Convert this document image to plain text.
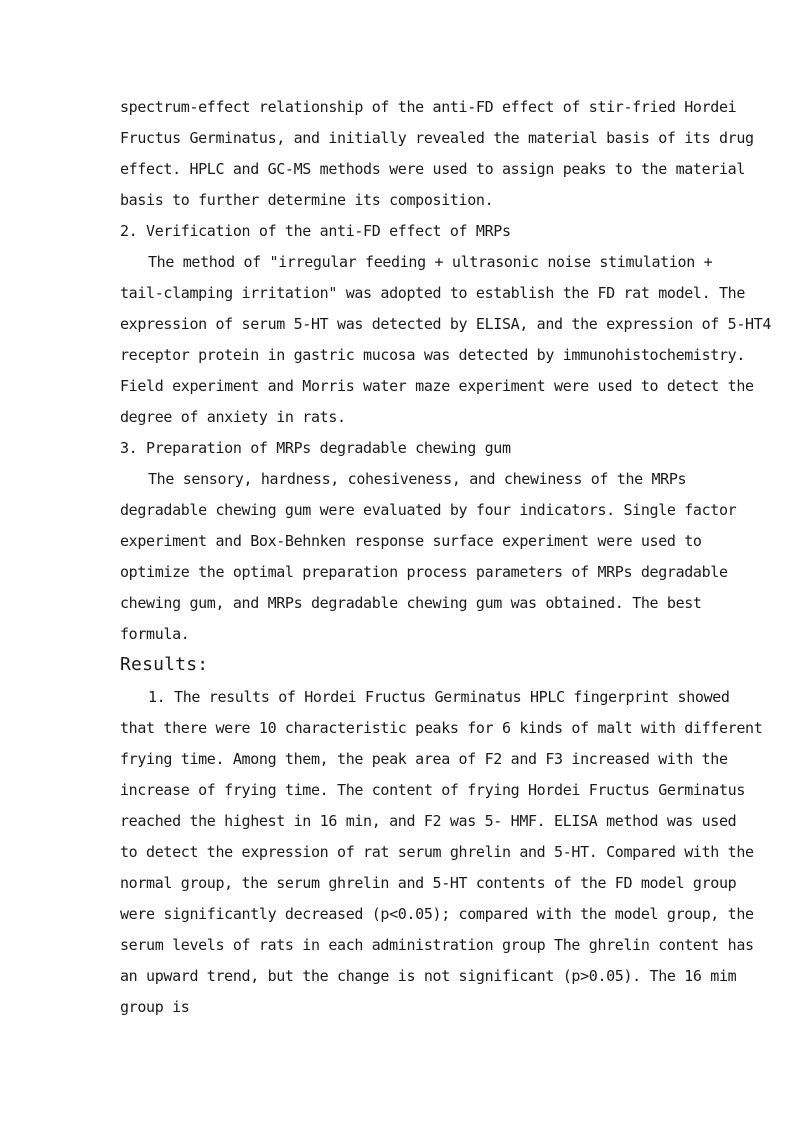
spectrum-effect relationship of the anti-FD effect of stir-fried Hordei
Fructus Germinatus, and initially revealed the material basis of its drug
effect. HPLC and GC-MS methods were used to assign peaks to the material
basis to further determine its composition.
2. Verification of the anti-FD effect of MRPs
The method of "irregular feeding + ultrasonic noise stimulation +
tail-clamping irritation" was adopted to establish the FD rat model. The
expression of serum 5-HT was detected by ELISA, and the expression of 5-HT4
receptor protein in gastric mucosa was detected by immunohistochemistry.
Field experiment and Morris water maze experiment were used to detect the
degree of anxiety in rats.
3. Preparation of MRPs degradable chewing gum
The sensory, hardness, cohesiveness, and chewiness of the MRPs
degradable chewing gum were evaluated by four indicators. Single factor
experiment and Box-Behnken response surface experiment were used to
optimize the optimal preparation process parameters of MRPs degradable
chewing gum, and MRPs degradable chewing gum was obtained. The best
formula.
Results:
1. The results of Hordei Fructus Germinatus HPLC fingerprint showed
that there were 10 characteristic peaks for 6 kinds of malt with different
frying time. Among them, the peak area of F2 and F3 increased with the
increase of frying time. The content of frying Hordei Fructus Germinatus
reached the highest in 16 min, and F2 was 5- HMF. ELISA method was used
to detect the expression of rat serum ghrelin and 5-HT. Compared with the
normal group, the serum ghrelin and 5-HT contents of the FD model group
were significantly decreased (p<0.05); compared with the model group, the
serum levels of rats in each administration group The ghrelin content has
an upward trend, but the change is not significant (p>0.05). The 16 mim
group is
